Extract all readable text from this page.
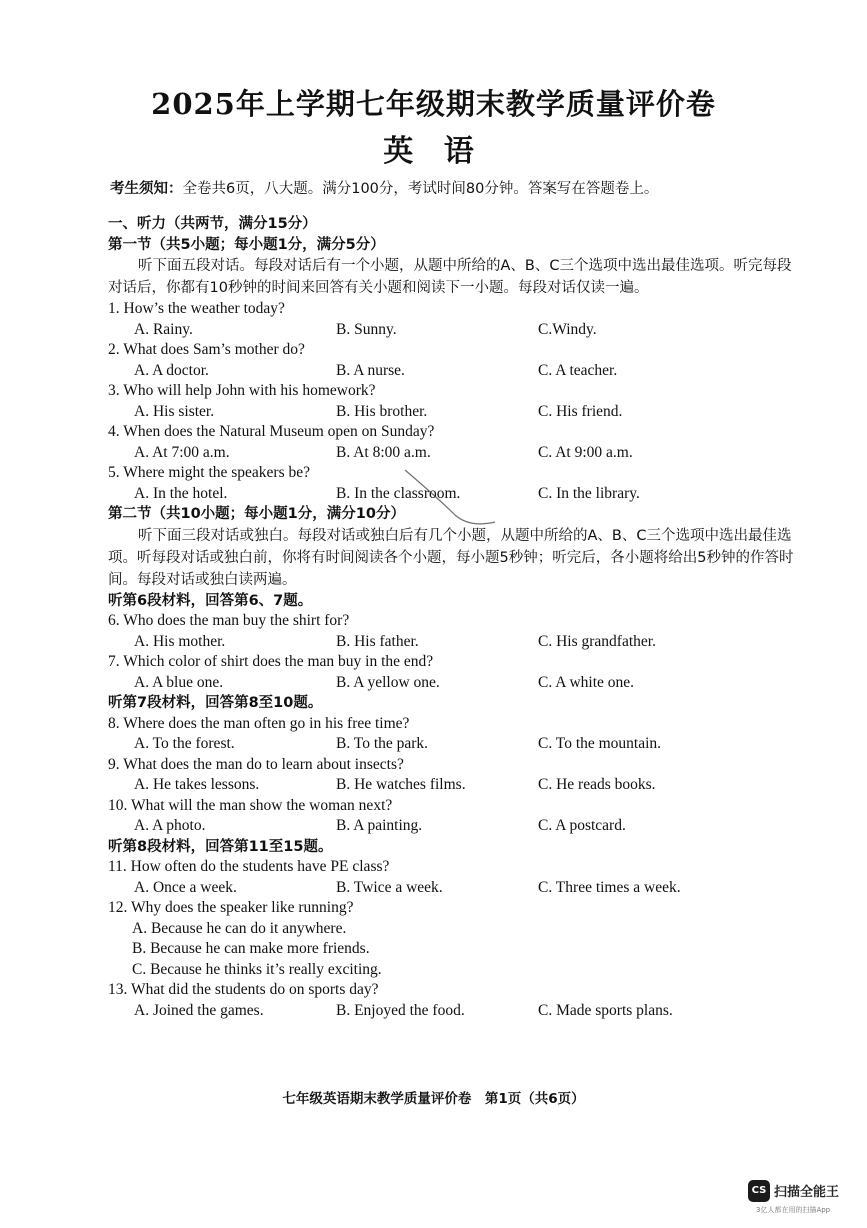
2025年上学期七年级期末教学质量评价卷
英 语
考生须知：全卷共6页，八大题。满分100分，考试时间80分钟。答案写在答题卷上。
一、听力（共两节，满分15分）
第一节（共5小题；每小题1分，满分5分）
听下面五段对话。每段对话后有一个小题，从题中所给的A、B、C三个选项中选出最佳选项。听完每段对话后，你都有10秒钟的时间来回答有关小题和阅读下一小题。每段对话仅读一遍。
1. How’s the weather today?
A. Rainy.	B. Sunny.	C.Windy.
2. What does Sam’s mother do?
A. A doctor.	B. A nurse.	C. A teacher.
3. Who will help John with his homework?
A. His sister.	B. His brother.	C. His friend.
4. When does the Natural Museum open on Sunday?
A. At 7:00 a.m.	B. At 8:00 a.m.	C. At 9:00 a.m.
5. Where might the speakers be?
A. In the hotel.	B. In the classroom.	C. In the library.
第二节（共10小题；每小题1分，满分10分）
听下面三段对话或独白。每段对话或独白后有几个小题，从题中所给的A、B、C三个选项中选出最佳选项。听每段对话或独白前，你将有时间阅读各个小题，每小题5秒钟；听完后，各小题将给出5秒钟的作答时间。每段对话或独白读两遍。
听第6段材料，回答第6、7题。
6. Who does the man buy the shirt for?
A. His mother.	B. His father.	C. His grandfather.
7. Which color of shirt does the man buy in the end?
A. A blue one.	B. A yellow one.	C. A white one.
听第7段材料，回答第8至10题。
8. Where does the man often go in his free time?
A. To the forest.	B. To the park.	C. To the mountain.
9. What does the man do to learn about insects?
A. He takes lessons.	B. He watches films.	C. He reads books.
10. What will the man show the woman next?
A. A photo.	B. A painting.	C. A postcard.
听第8段材料，回答第11至15题。
11. How often do the students have PE class?
A. Once a week.	B. Twice a week.	C. Three times a week.
12. Why does the speaker like running?
A. Because he can do it anywhere.
B. Because he can make more friends.
C. Because he thinks it’s really exciting.
13. What did the students do on sports day?
A. Joined the games.	B. Enjoyed the food.	C. Made sports plans.
七年级英语期末教学质量评价卷　第1页（共6页）
CS 扫描全能王
3亿人都在用的扫描App
